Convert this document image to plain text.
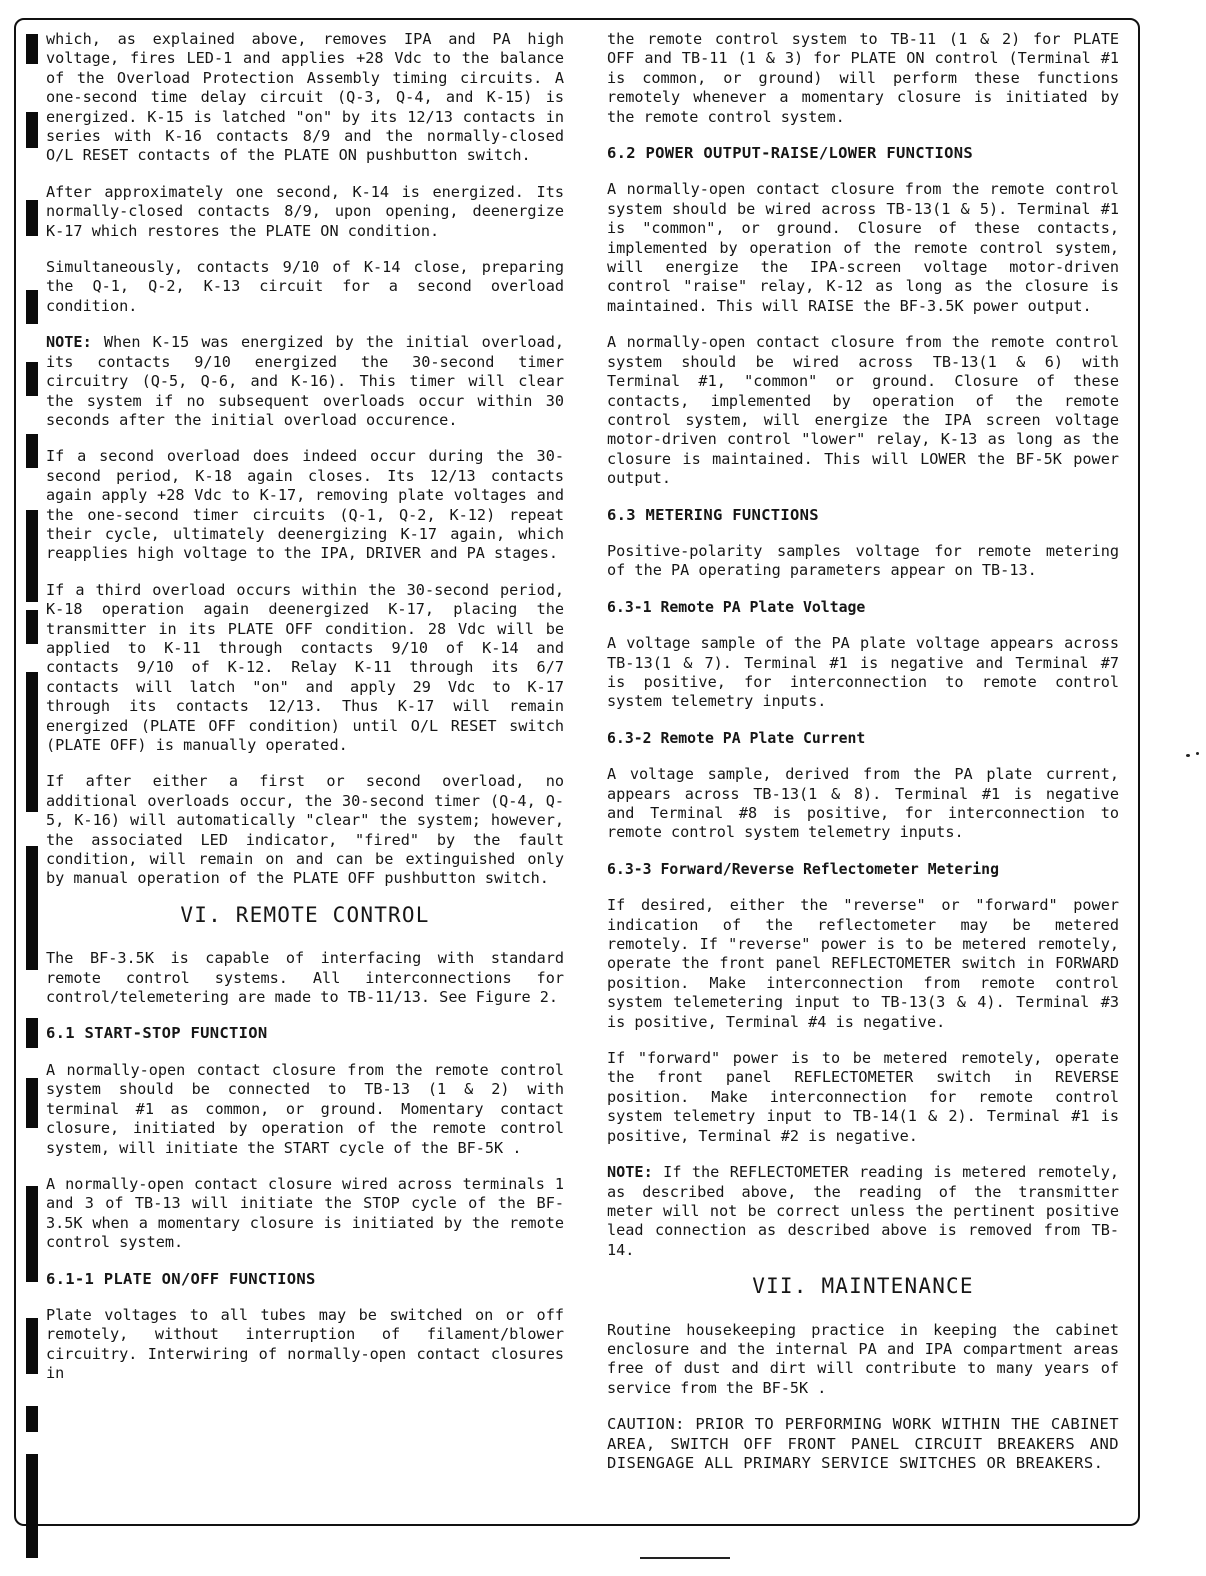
which, as explained above, removes IPA and PA high voltage, fires LED-1 and applies +28 Vdc to the balance of the Overload Protection Assembly timing circuits. A one-second time delay circuit (Q-3, Q-4, and K-15) is energized. K-15 is latched "on" by its 12/13 contacts in series with K-16 contacts 8/9 and the normally-closed O/L RESET contacts of the PLATE ON pushbutton switch.

After approximately one second, K-14 is energized. Its normally-closed contacts 8/9, upon opening, deenergize K-17 which restores the PLATE ON condition.

Simultaneously, contacts 9/10 of K-14 close, preparing the Q-1, Q-2, K-13 circuit for a second overload condition.

NOTE: When K-15 was energized by the initial overload, its contacts 9/10 energized the 30-second timer circuitry (Q-5, Q-6, and K-16). This timer will clear the system if no subsequent overloads occur within 30 seconds after the initial overload occurence.

If a second overload does indeed occur during the 30-second period, K-18 again closes. Its 12/13 contacts again apply +28 Vdc to K-17, removing plate voltages and the one-second timer circuits (Q-1, Q-2, K-12) repeat their cycle, ultimately deenergizing K-17 again, which reapplies high voltage to the IPA, DRIVER and PA stages.

If a third overload occurs within the 30-second period, K-18 operation again deenergized K-17, placing the transmitter in its PLATE OFF condition. 28 Vdc will be applied to K-11 through contacts 9/10 of K-14 and contacts 9/10 of K-12. Relay K-11 through its 6/7 contacts will latch "on" and apply 29 Vdc to K-17 through its contacts 12/13. Thus K-17 will remain energized (PLATE OFF condition) until O/L RESET switch (PLATE OFF) is manually operated.

If after either a first or second overload, no additional overloads occur, the 30-second timer (Q-4, Q-5, K-16) will automatically "clear" the system; however, the associated LED indicator, "fired" by the fault condition, will remain on and can be extinguished only by manual operation of the PLATE OFF pushbutton switch.

VI. REMOTE CONTROL

The BF-3.5K is capable of interfacing with standard remote control systems. All interconnections for control/telemetering are made to TB-11/13. See Figure 2.

6.1 START-STOP FUNCTION

A normally-open contact closure from the remote control system should be connected to TB-13 (1 & 2) with terminal #1 as common, or ground. Momentary contact closure, initiated by operation of the remote control system, will initiate the START cycle of the BF-5K .

A normally-open contact closure wired across terminals 1 and 3 of TB-13 will initiate the STOP cycle of the BF-3.5K when a momentary closure is initiated by the remote control system.

6.1-1 PLATE ON/OFF FUNCTIONS

Plate voltages to all tubes may be switched on or off remotely, without interruption of filament/blower circuitry. Interwiring of normally-open contact closures in

the remote control system to TB-11 (1 & 2) for PLATE OFF and TB-11 (1 & 3) for PLATE ON control (Terminal #1 is common, or ground) will perform these functions remotely whenever a momentary closure is initiated by the remote control system.

6.2 POWER OUTPUT-RAISE/LOWER FUNCTIONS

A normally-open contact closure from the remote control system should be wired across TB-13(1 & 5). Terminal #1 is "common", or ground. Closure of these contacts, implemented by operation of the remote control system, will energize the IPA-screen voltage motor-driven control "raise" relay, K-12 as long as the closure is maintained. This will RAISE the BF-3.5K power output.

A normally-open contact closure from the remote control system should be wired across TB-13(1 & 6) with Terminal #1, "common" or ground. Closure of these contacts, implemented by operation of the remote control system, will energize the IPA screen voltage motor-driven control "lower" relay, K-13 as long as the closure is maintained. This will LOWER the BF-5K power output.

6.3 METERING FUNCTIONS

Positive-polarity samples voltage for remote metering of the PA operating parameters appear on TB-13.

6.3-1 Remote PA Plate Voltage

A voltage sample of the PA plate voltage appears across TB-13(1 & 7). Terminal #1 is negative and Terminal #7 is positive, for interconnection to remote control system telemetry inputs.

6.3-2 Remote PA Plate Current

A voltage sample, derived from the PA plate current, appears across TB-13(1 & 8). Terminal #1 is negative and Terminal #8 is positive, for interconnection to remote control system telemetry inputs.

6.3-3 Forward/Reverse Reflectometer Metering

If desired, either the "reverse" or "forward" power indication of the reflectometer may be metered remotely. If "reverse" power is to be metered remotely, operate the front panel REFLECTOMETER switch in FORWARD position. Make interconnection from remote control system telemetering input to TB-13(3 & 4). Terminal #3 is positive, Terminal #4 is negative.

If "forward" power is to be metered remotely, operate the front panel REFLECTOMETER switch in REVERSE position. Make interconnection for remote control system telemetry input to TB-14(1 & 2). Terminal #1 is positive, Terminal #2 is negative.

NOTE: If the REFLECTOMETER reading is metered remotely, as described above, the reading of the transmitter meter will not be correct unless the pertinent positive lead connection as described above is removed from TB-14.

VII. MAINTENANCE

Routine housekeeping practice in keeping the cabinet enclosure and the internal PA and IPA compartment areas free of dust and dirt will contribute to many years of service from the BF-5K .

CAUTION: PRIOR TO PERFORMING WORK WITHIN THE CABINET AREA, SWITCH OFF FRONT PANEL CIRCUIT BREAKERS AND DISENGAGE ALL PRIMARY SERVICE SWITCHES OR BREAKERS.
